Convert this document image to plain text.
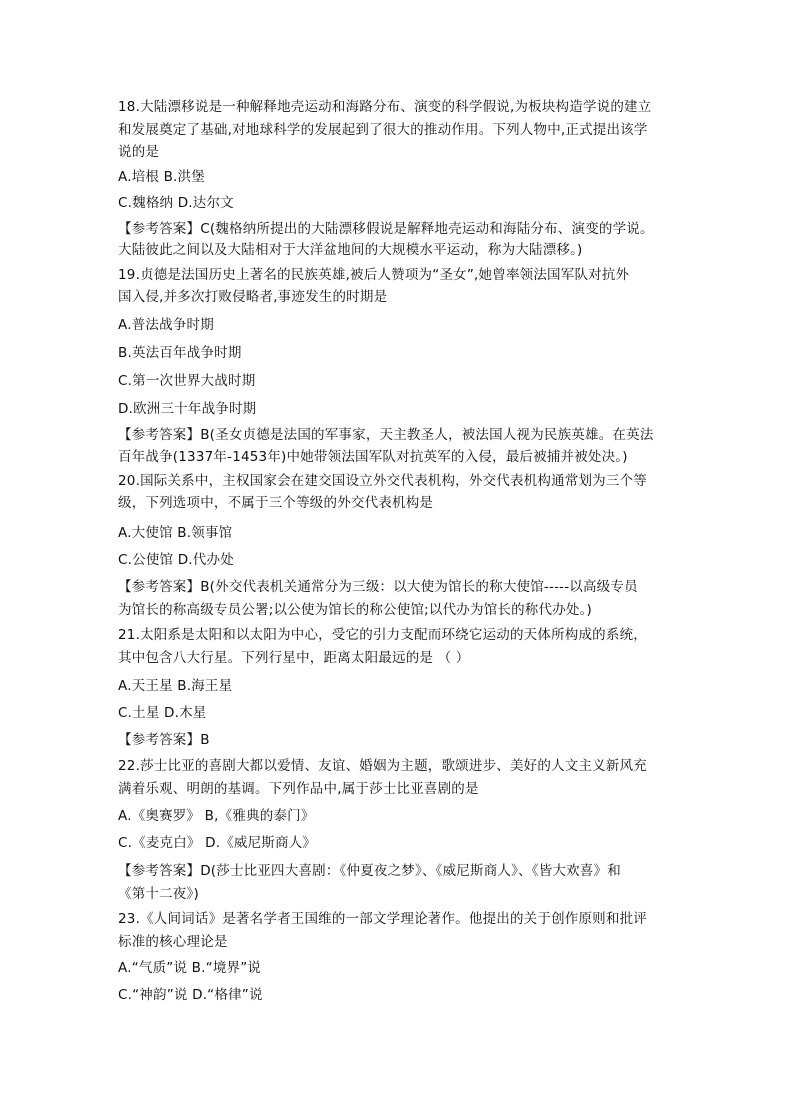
18.大陆漂移说是一种解释地壳运动和海路分布、演变的科学假说,为板块构造学说的建立
和发展奠定了基础,对地球科学的发展起到了很大的推动作用。下列人物中,正式提出该学
说的是
A.培根 B.洪堡
C.魏格纳 D.达尔文
【参考答案】C(魏格纳所提出的大陆漂移假说是解释地壳运动和海陆分布、演变的学说。
大陆彼此之间以及大陆相对于大洋盆地间的大规模水平运动，称为大陆漂移。)
19.贞德是法国历史上著名的民族英雄,被后人赞项为“圣女”,她曾率领法国军队对抗外
国入侵,并多次打败侵略者,事迹发生的时期是
A.普法战争时期
B.英法百年战争时期
C.第一次世界大战时期
D.欧洲三十年战争时期
【参考答案】B(圣女贞德是法国的军事家，天主教圣人，被法国人视为民族英雄。在英法
百年战争(1337年-1453年)中她带领法国军队对抗英军的入侵，最后被捕并被处决。)
20.国际关系中，主权国家会在建交国设立外交代表机构，外交代表机构通常划为三个等
级，下列选项中，不属于三个等级的外交代表机构是
A.大使馆 B.领事馆
C.公使馆 D.代办处
【参考答案】B(外交代表机关通常分为三级：以大使为馆长的称大使馆-----以高级专员
为馆长的称高级专员公署;以公使为馆长的称公使馆;以代办为馆长的称代办处。)
21.太阳系是太阳和以太阳为中心，受它的引力支配而环绕它运动的天体所构成的系统，
其中包含八大行星。下列行星中，距离太阳最远的是 （ ）
A.天王星 B.海王星
C.土星 D.木星
【参考答案】B
22.莎士比亚的喜剧大都以爱情、友谊、婚姻为主题，歌颂进步、美好的人文主义新风充
满着乐观、明朗的基调。下列作品中,属于莎士比亚喜剧的是
A.《奥赛罗》 B,《雅典的泰门》
C.《麦克白》 D.《威尼斯商人》
【参考答案】D(莎士比亚四大喜剧：《仲夏夜之梦》、《威尼斯商人》、《皆大欢喜》和
《第十二夜》)
23.《人间词话》是著名学者王国维的一部文学理论著作。他提出的关于创作原则和批评
标准的核心理论是
A.“气质”说 B.“境界”说
C.“神韵”说 D.“格律”说
